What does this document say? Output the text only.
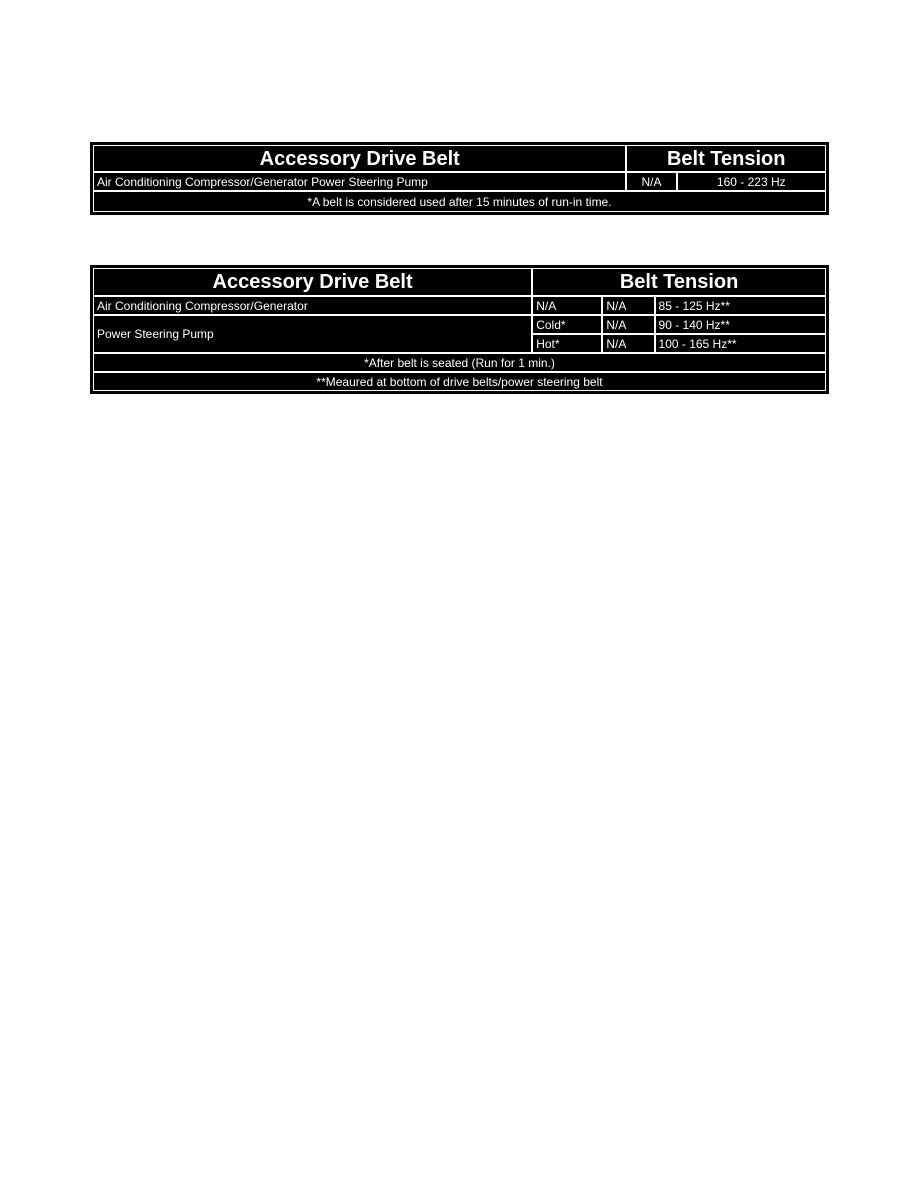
Accessory Drive Belt	Belt Tension	
Air Conditioning Compressor/Generator Power Steering Pump	N/A	160 - 223 Hz
*A belt is considered used after 15 minutes of run-in time.		
Accessory Drive Belt	Belt Tension		
Air Conditioning Compressor/Generator	N/A	N/A	85 - 125 Hz**
Power Steering Pump	Cold*	N/A	90 - 140 Hz**
	Hot*	N/A	100 - 165 Hz**
*After belt is seated (Run for 1 min.)			
**Meaured at bottom of drive belts/power steering belt			
